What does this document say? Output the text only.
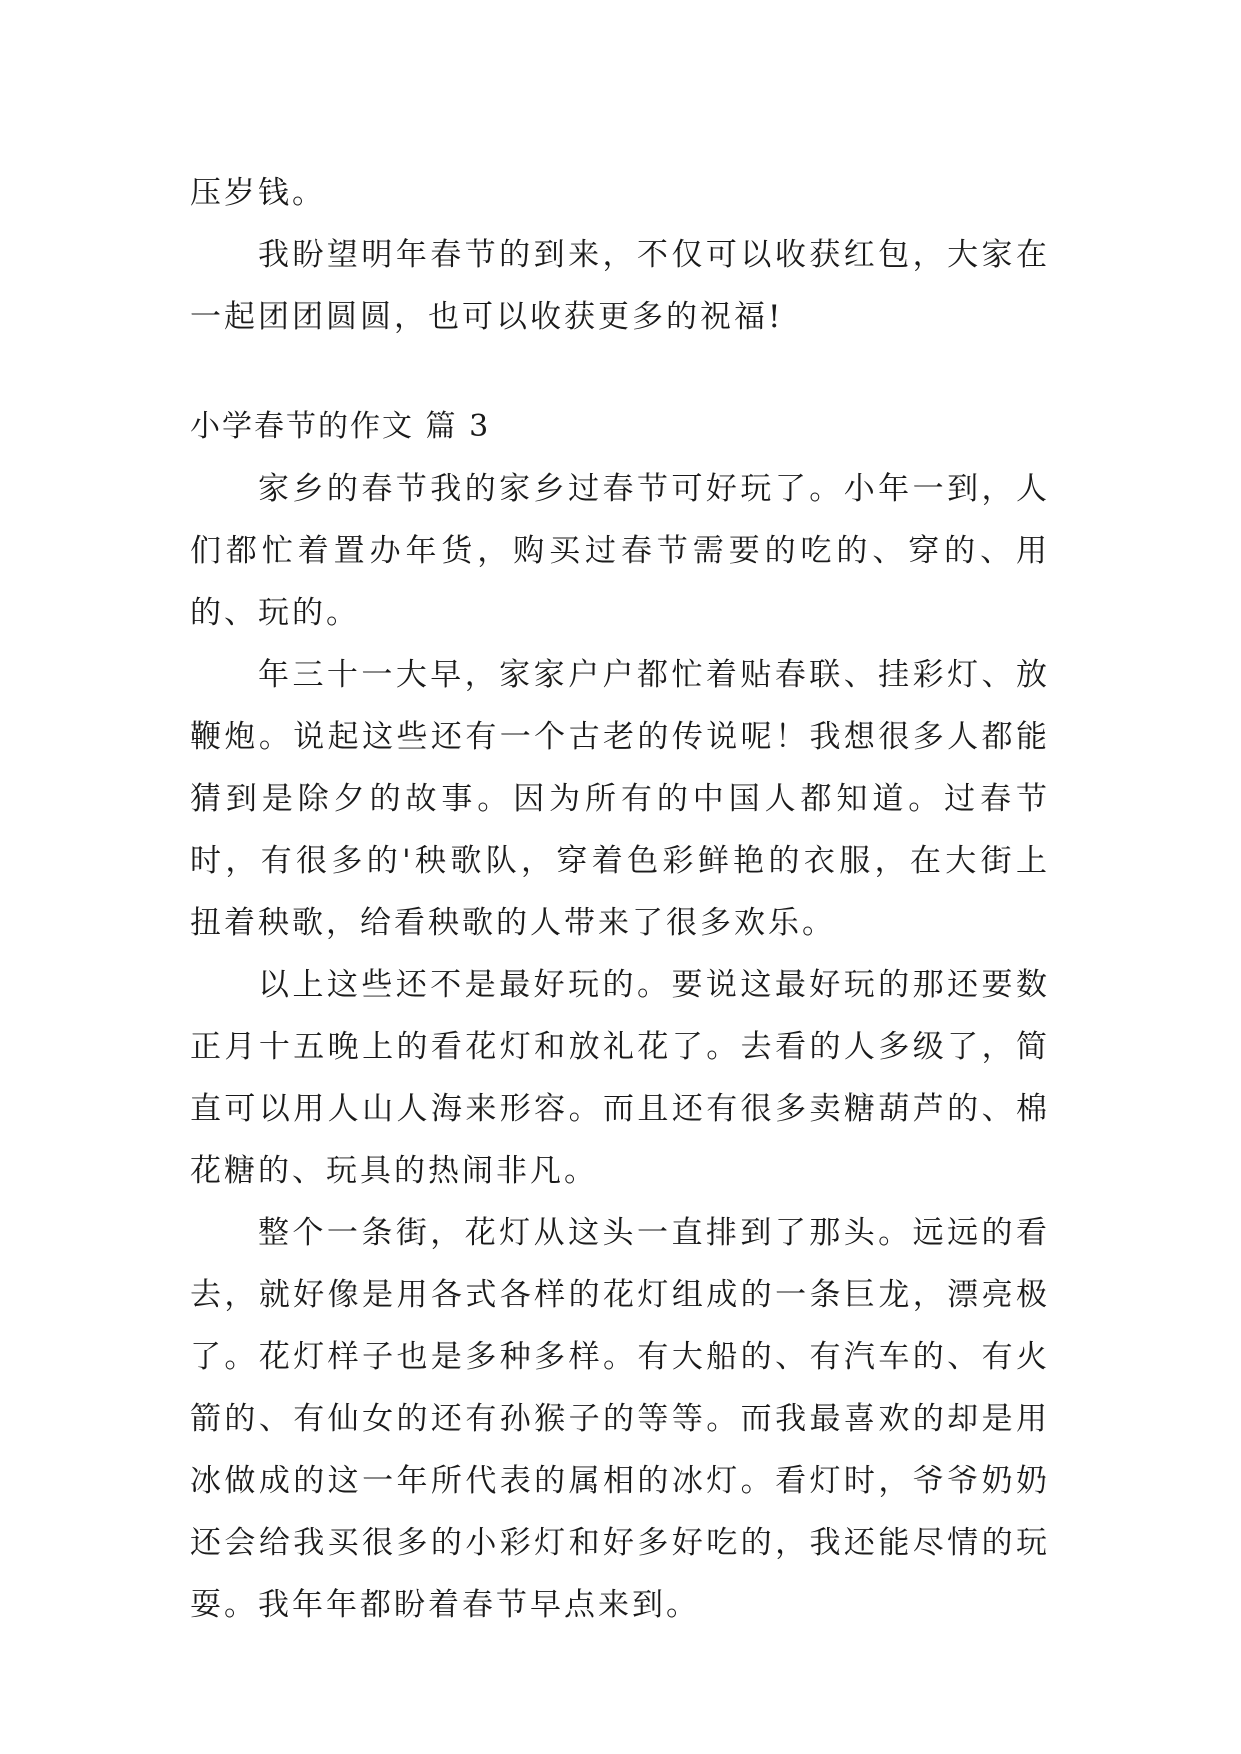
压岁钱。

我盼望明年春节的到来，不仅可以收获红包，大家在一起团团圆圆，也可以收获更多的祝福!

小学春节的作文 篇 3

家乡的春节我的家乡过春节可好玩了。小年一到，人们都忙着置办年货，购买过春节需要的吃的、穿的、用的、玩的。

年三十一大早，家家户户都忙着贴春联、挂彩灯、放鞭炮。说起这些还有一个古老的传说呢！我想很多人都能猜到是除夕的故事。因为所有的中国人都知道。过春节时，有很多的'秧歌队，穿着色彩鲜艳的衣服，在大街上扭着秧歌，给看秧歌的人带来了很多欢乐。

以上这些还不是最好玩的。要说这最好玩的那还要数正月十五晚上的看花灯和放礼花了。去看的人多级了，简直可以用人山人海来形容。而且还有很多卖糖葫芦的、棉花糖的、玩具的热闹非凡。

整个一条街，花灯从这头一直排到了那头。远远的看去，就好像是用各式各样的花灯组成的一条巨龙，漂亮极了。花灯样子也是多种多样。有大船的、有汽车的、有火箭的、有仙女的还有孙猴子的等等。而我最喜欢的却是用冰做成的这一年所代表的属相的冰灯。看灯时，爷爷奶奶还会给我买很多的小彩灯和好多好吃的，我还能尽情的玩耍。我年年都盼着春节早点来到。
